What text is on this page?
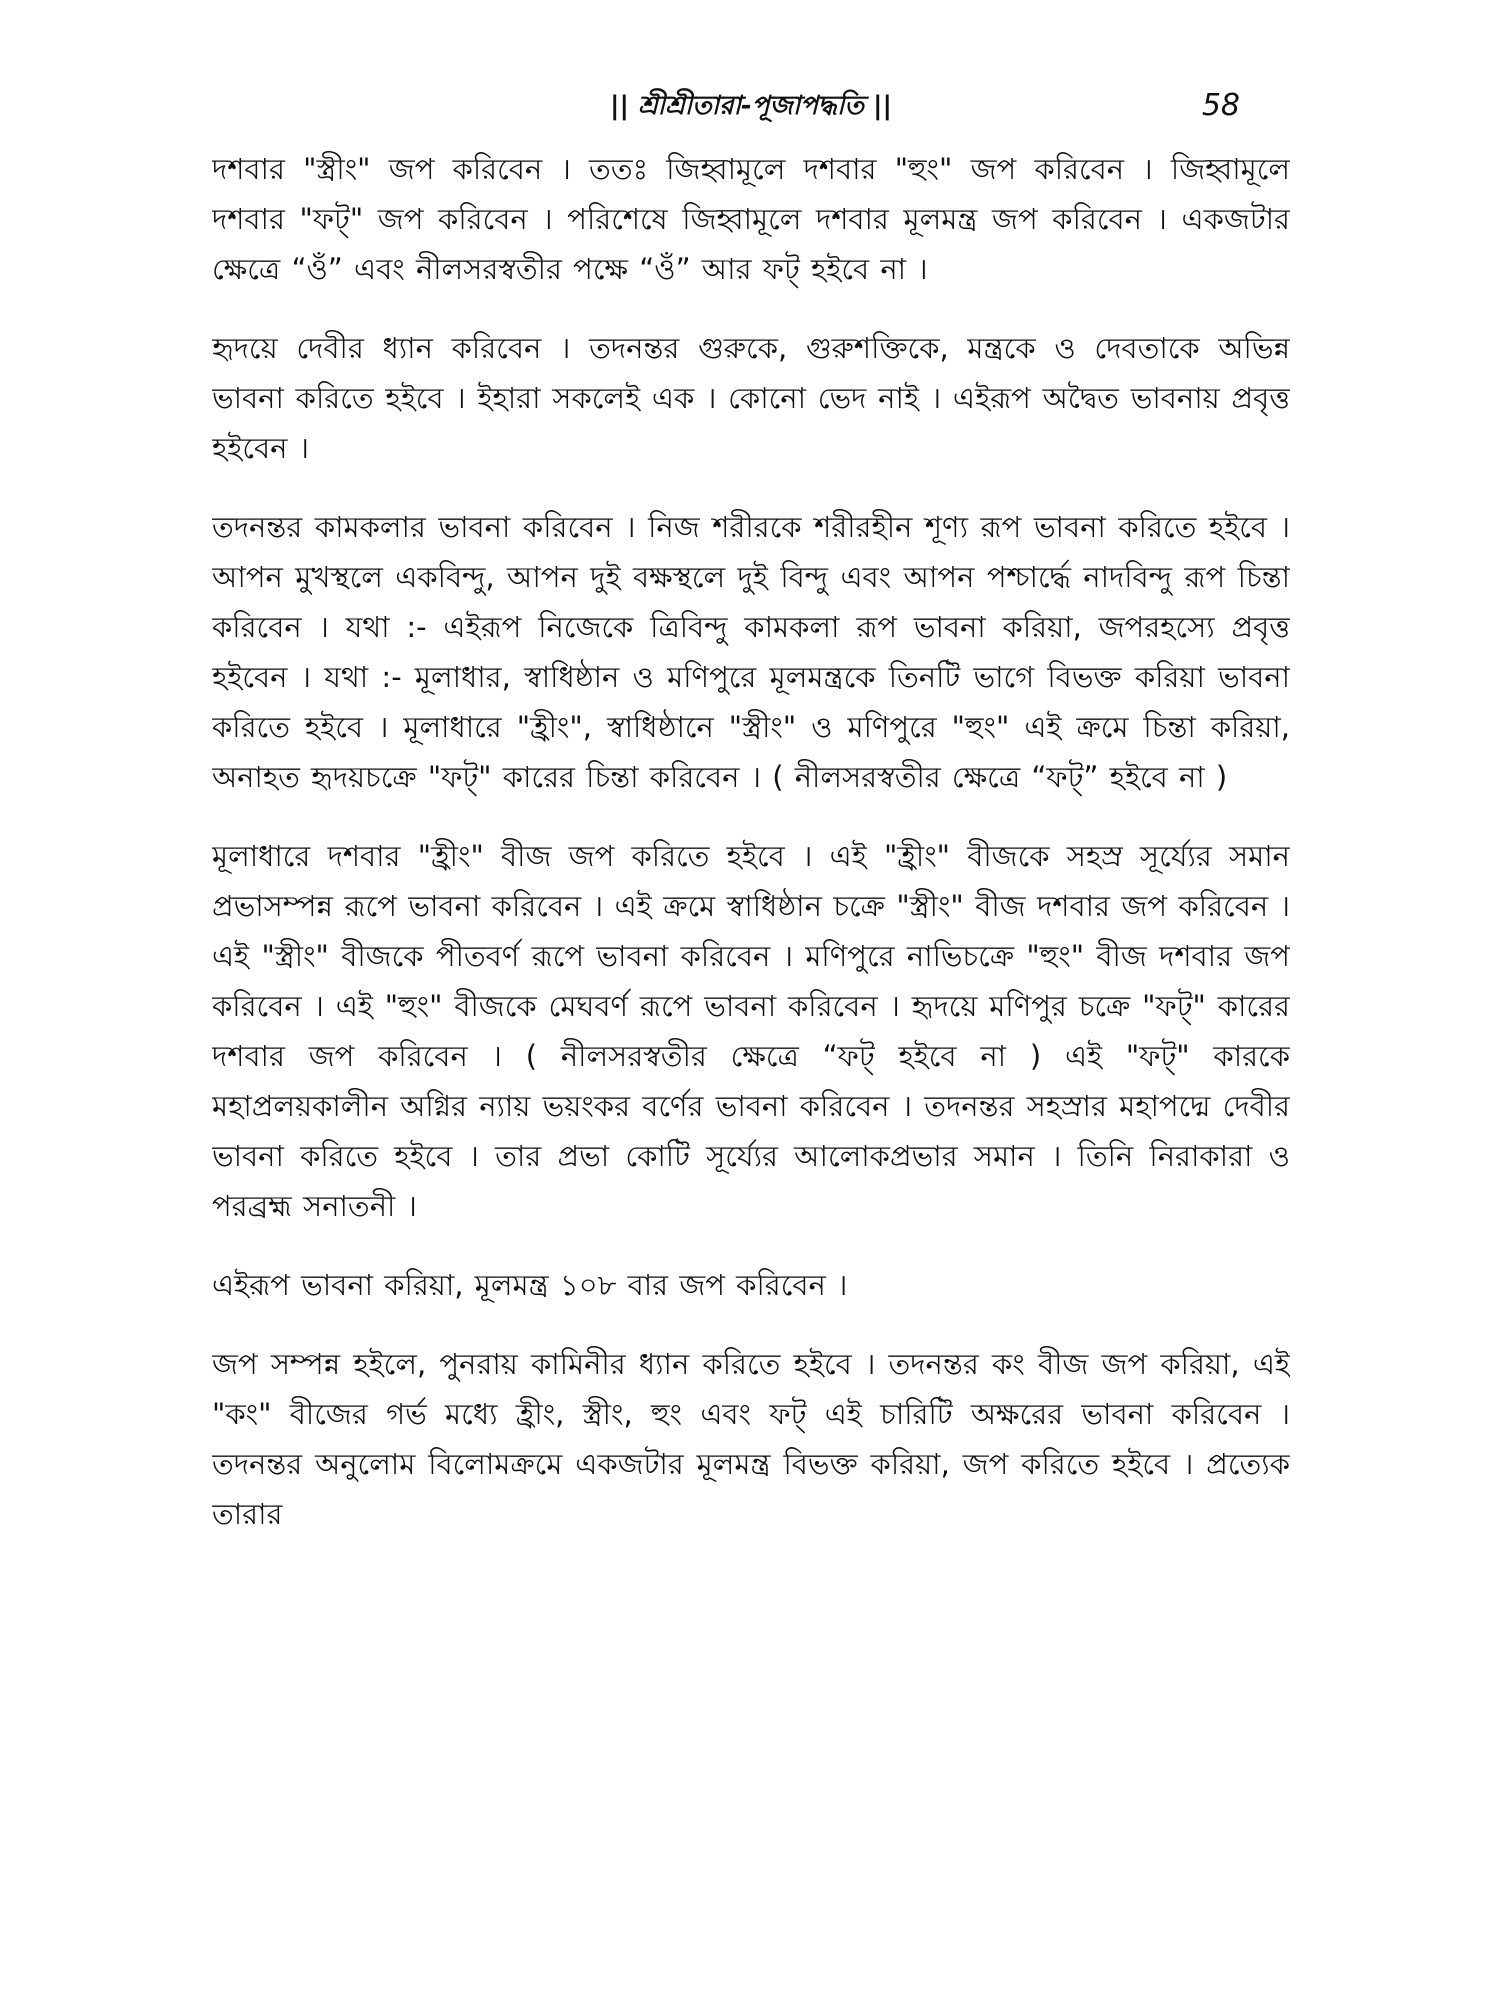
|| শ্রীশ্রীতারা-পূজাপদ্ধতি ||	58

দশবার "স্ত্রীং" জপ করিবেন । ততঃ জিহ্বামূলে দশবার "হুং" জপ করিবেন । জিহ্বামূলে দশবার "ফট্" জপ করিবেন । পরিশেষে জিহ্বামূলে দশবার মূলমন্ত্র জপ করিবেন । একজটার ক্ষেত্রে “ওঁ” এবং নীলসরস্বতীর পক্ষে “ওঁ” আর ফট্ হইবে না ।

হৃদয়ে দেবীর ধ্যান করিবেন । তদনন্তর গুরুকে, গুরুশক্তিকে, মন্ত্রকে ও দেবতাকে অভিন্ন ভাবনা করিতে হইবে । ইহারা সকলেই এক । কোনো ভেদ নাই । এইরূপ অদ্বৈত ভাবনায় প্রবৃত্ত হইবেন ।

তদনন্তর কামকলার ভাবনা করিবেন । নিজ শরীরকে শরীরহীন শূণ্য রূপ ভাবনা করিতে হইবে । আপন মুখস্থলে একবিন্দু, আপন দুই বক্ষস্থলে দুই বিন্দু এবং আপন পশ্চার্দ্ধে নাদবিন্দু রূপ চিন্তা করিবেন । যথা :- এইরূপ নিজেকে ত্রিবিন্দু কামকলা রূপ ভাবনা করিয়া, জপরহস্যে প্রবৃত্ত হইবেন । যথা :- মূলাধার, স্বাধিষ্ঠান ও মণিপুরে মূলমন্ত্রকে তিনটি ভাগে বিভক্ত করিয়া ভাবনা করিতে হইবে । মূলাধারে "হ্রীং", স্বাধিষ্ঠানে "স্ত্রীং" ও মণিপুরে "হুং" এই ক্রমে চিন্তা করিয়া, অনাহত হৃদয়চক্রে "ফট্" কারের চিন্তা করিবেন । ( নীলসরস্বতীর ক্ষেত্রে “ফট্” হইবে না )

মূলাধারে দশবার "হ্রীং" বীজ জপ করিতে হইবে । এই "হ্রীং" বীজকে সহস্র সূর্য্যের সমান প্রভাসম্পন্ন রূপে ভাবনা করিবেন । এই ক্রমে স্বাধিষ্ঠান চক্রে "স্ত্রীং" বীজ দশবার জপ করিবেন । এই "স্ত্রীং" বীজকে পীতবর্ণ রূপে ভাবনা করিবেন । মণিপুরে নাভিচক্রে "হুং" বীজ দশবার জপ করিবেন । এই "হুং" বীজকে মেঘবর্ণ রূপে ভাবনা করিবেন । হৃদয়ে মণিপুর চক্রে "ফট্" কারের দশবার জপ করিবেন । ( নীলসরস্বতীর ক্ষেত্রে “ফট্‍ হইবে না ) এই "ফট্" কারকে মহাপ্রলয়কালীন অগ্নির ন্যায় ভয়ংকর বর্ণের ভাবনা করিবেন । তদনন্তর সহস্রার মহাপদ্মে দেবীর ভাবনা করিতে হইবে । তার প্রভা কোটি সূর্য্যের আলোকপ্রভার সমান । তিনি নিরাকারা ও পরব্রহ্ম সনাতনী ।

এইরূপ ভাবনা করিয়া, মূলমন্ত্র ১০৮ বার জপ করিবেন ।

জপ সম্পন্ন হইলে, পুনরায় কামিনীর ধ্যান করিতে হইবে । তদনন্তর কং বীজ জপ করিয়া, এই "কং" বীজের গর্ভ মধ্যে হ্রীং, স্ত্রীং, হুং এবং ফট্ এই চারিটি অক্ষরের ভাবনা করিবেন । তদনন্তর অনুলোম বিলোমক্রমে একজটার মূলমন্ত্র বিভক্ত করিয়া, জপ করিতে হইবে । প্রত্যেক তারার
